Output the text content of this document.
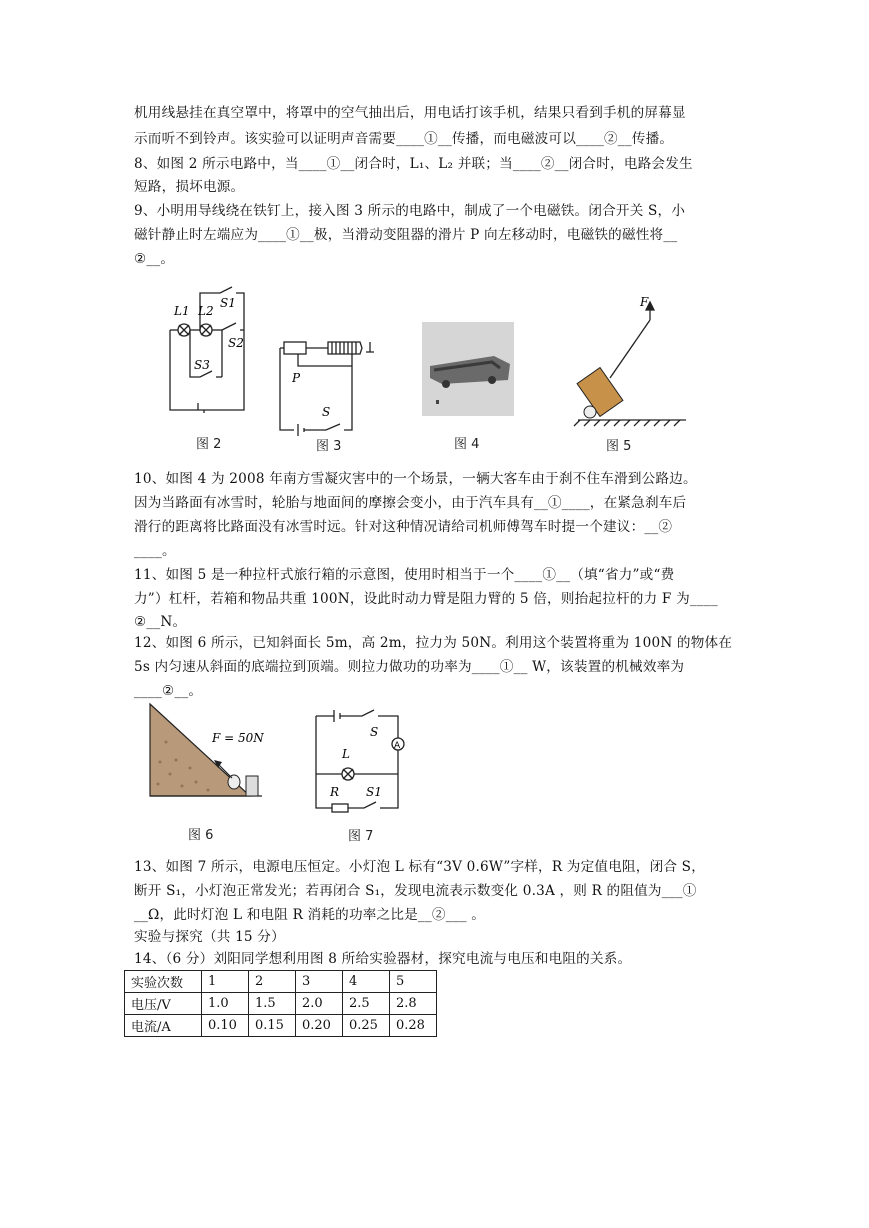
机用线悬挂在真空罩中，将罩中的空气抽出后，用电话打该手机，结果只看到手机的屏幕显
示而听不到铃声。该实验可以证明声音需要____①__传播，而电磁波可以____②__传播。
8、如图 2 所示电路中，当____①__闭合时，L₁、L₂ 并联；当____②__闭合时，电路会发生
短路，损坏电源。
9、小明用导线绕在铁钉上，接入图 3 所示的电路中，制成了一个电磁铁。闭合开关 S，小
磁针静止时左端应为____①__极，当滑动变阻器的滑片 P 向左移动时，电磁铁的磁性将__
②__。
10、如图 4 为 2008 年南方雪凝灾害中的一个场景，一辆大客车由于刹不住车滑到公路边。
因为当路面有冰雪时，轮胎与地面间的摩擦会变小，由于汽车具有__①____，在紧急刹车后
滑行的距离将比路面没有冰雪时远。针对这种情况请给司机师傅驾车时提一个建议：__②
____。
11、如图 5 是一种拉杆式旅行箱的示意图，使用时相当于一个____①__（填“省力”或“费
力”）杠杆，若箱和物品共重 100N，设此时动力臂是阻力臂的 5 倍，则抬起拉杆的力 F 为____
②__N。
12、如图 6 所示，已知斜面长 5m，高 2m，拉力为 50N。利用这个装置将重为 100N 的物体在
5s 内匀速从斜面的底端拉到顶端。则拉力做功的功率为____①__ W，该装置的机械效率为
____②__。
13、如图 7 所示，电源电压恒定。小灯泡 L 标有“3V 0.6W”字样，R 为定值电阻，闭合 S，
断开 S₁，小灯泡正常发光；若再闭合 S₁，发现电流表示数变化 0.3A ，则 R 的阻值为___①
__Ω，此时灯泡 L 和电阻 R 消耗的功率之比是__②___ 。
实验与探究（共 15 分）
14、（6 分）刘阳同学想利用图 8 所给实验器材，探究电流与电压和电阻的关系。
L1 L2
S1
S2
S3
图 2
P
S
图 3	图 4
F
图 5
F = 50N
图 6
S
A
L
R S1
图 7
实验次数	1	2	3	4	5
电压/V	1.0	1.5	2.0	2.5	2.8
电流/A	0.10	0.15	0.20	0.25	0.28
